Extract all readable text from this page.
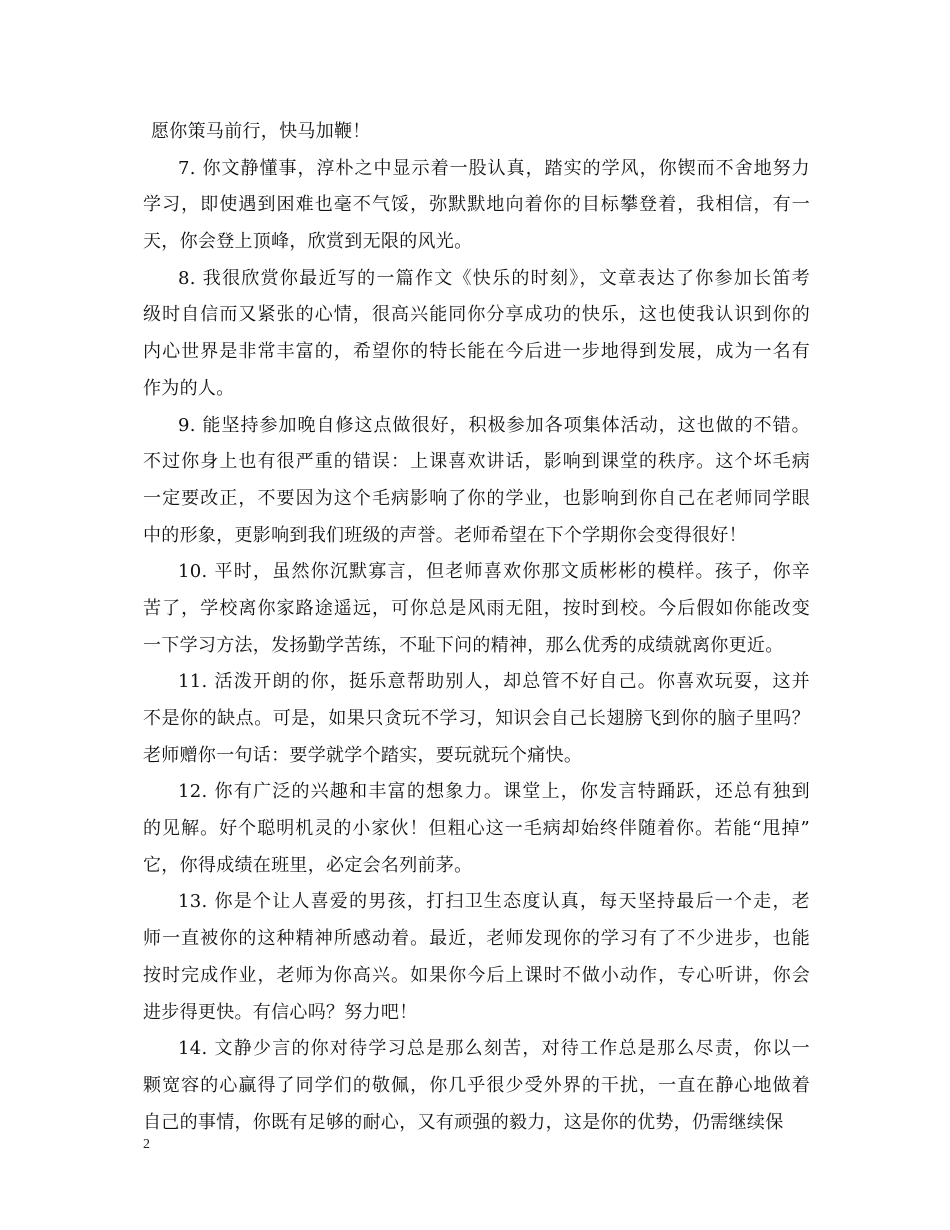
愿你策马前行，快马加鞭！
7. 你文静懂事，淳朴之中显示着一股认真，踏实的学风，你锲而不舍地努力
学习，即使遇到困难也毫不气馁，弥默默地向着你的目标攀登着，我相信，有一
天，你会登上顶峰，欣赏到无限的风光。
8. 我很欣赏你最近写的一篇作文《快乐的时刻》，文章表达了你参加长笛考
级时自信而又紧张的心情，很高兴能同你分享成功的快乐，这也使我认识到你的
内心世界是非常丰富的，希望你的特长能在今后进一步地得到发展，成为一名有
作为的人。
9. 能坚持参加晚自修这点做很好，积极参加各项集体活动，这也做的不错。
不过你身上也有很严重的错误：上课喜欢讲话，影响到课堂的秩序。这个坏毛病
一定要改正，不要因为这个毛病影响了你的学业，也影响到你自己在老师同学眼
中的形象，更影响到我们班级的声誉。老师希望在下个学期你会变得很好！
10. 平时，虽然你沉默寡言，但老师喜欢你那文质彬彬的模样。孩子，你辛
苦了，学校离你家路途遥远，可你总是风雨无阻，按时到校。今后假如你能改变
一下学习方法，发扬勤学苦练，不耻下问的精神，那么优秀的成绩就离你更近。
11. 活泼开朗的你，挺乐意帮助别人，却总管不好自己。你喜欢玩耍，这并
不是你的缺点。可是，如果只贪玩不学习，知识会自己长翅膀飞到你的脑子里吗？
老师赠你一句话：要学就学个踏实，要玩就玩个痛快。
12. 你有广泛的兴趣和丰富的想象力。课堂上，你发言特踊跃，还总有独到
的见解。好个聪明机灵的小家伙！但粗心这一毛病却始终伴随着你。若能“甩掉”
它，你得成绩在班里，必定会名列前茅。
13. 你是个让人喜爱的男孩，打扫卫生态度认真，每天坚持最后一个走，老
师一直被你的这种精神所感动着。最近，老师发现你的学习有了不少进步，也能
按时完成作业，老师为你高兴。如果你今后上课时不做小动作，专心听讲，你会
进步得更快。有信心吗？努力吧！
14. 文静少言的你对待学习总是那么刻苦，对待工作总是那么尽责，你以一
颗宽容的心赢得了同学们的敬佩，你几乎很少受外界的干扰，一直在静心地做着
自己的事情，你既有足够的耐心，又有顽强的毅力，这是你的优势，仍需继续保
2
